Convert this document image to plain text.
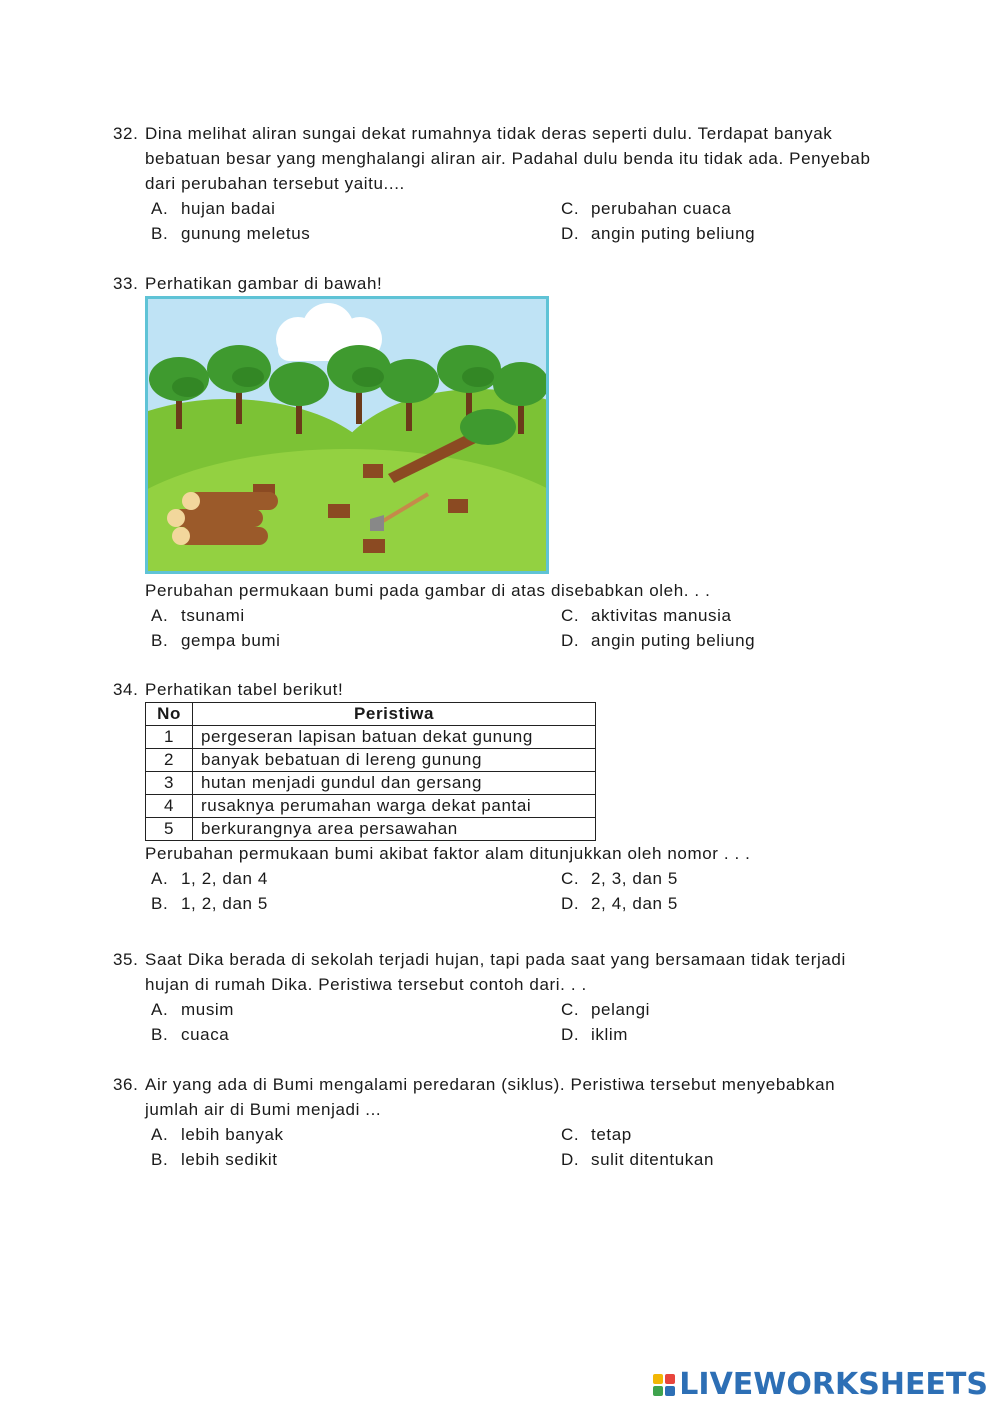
32. Dina melihat aliran sungai dekat rumahnya tidak deras seperti dulu. Terdapat banyak bebatuan besar yang menghalangi aliran air. Padahal dulu benda itu tidak ada. Penyebab dari perubahan tersebut yaitu....
A. hujan badai	C. perubahan cuaca
B. gunung meletus	D. angin puting beliung
33. Perhatikan gambar di bawah!
Perubahan permukaan bumi pada gambar di atas disebabkan oleh. . .
A. tsunami	C. aktivitas manusia
B. gempa bumi	D. angin puting beliung
34. Perhatikan tabel berikut!
No	Peristiwa
1	pergeseran lapisan batuan dekat gunung
2	banyak bebatuan di lereng gunung
3	hutan menjadi gundul dan gersang
4	rusaknya perumahan warga dekat pantai
5	berkurangnya area persawahan
Perubahan permukaan bumi akibat faktor alam ditunjukkan oleh nomor . . .
A. 1, 2, dan 4	C. 2, 3, dan 5
B. 1, 2, dan 5	D. 2, 4, dan 5
35. Saat Dika berada di sekolah terjadi hujan, tapi pada saat yang bersamaan tidak terjadi hujan di rumah Dika. Peristiwa tersebut contoh dari. . .
A. musim	C. pelangi
B. cuaca	D. iklim
36. Air yang ada di Bumi mengalami peredaran (siklus). Peristiwa tersebut menyebabkan jumlah air di Bumi menjadi ...
A. lebih banyak	C. tetap
B. lebih sedikit	D. sulit ditentukan
LIVEWORKSHEETS
